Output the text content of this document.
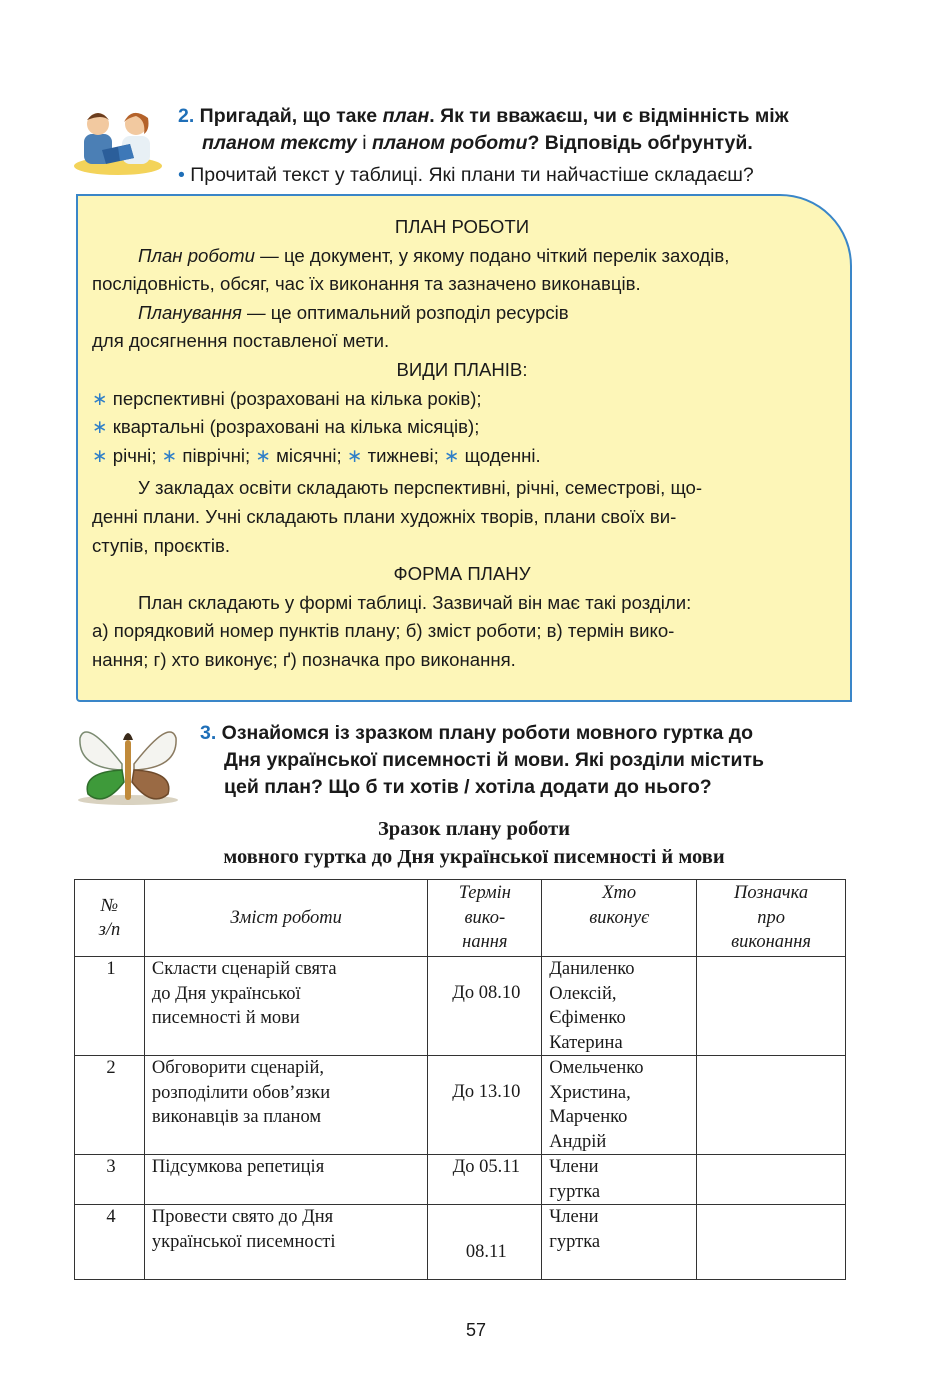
2. Пригадай, що таке план. Як ти вважаєш, чи є відмінність між
планом тексту і планом роботи? Відповідь обґрунтуй.
• Прочитай текст у таблиці. Які плани ти найчастіше складаєш?

ПЛАН РОБОТИ

План роботи — це документ, у якому подано чіткий перелік заходів, послідовність, обсяг, час їх виконання та зазначено виконавців.

Планування — це оптимальний розподіл ресурсів

для досягнення поставленої мети.

ВИДИ ПЛАНІВ:

∗ перспективні (розраховані на кілька років);

∗ квартальні (розраховані на кілька місяців);

∗ річні; ∗ піврічні; ∗ місячні; ∗ тижневі; ∗ щоденні.

У закладах освіти складають перспективні, річні, семестрові, що-

денні плани. Учні складають плани художніх творів, плани своїх ви-

ступів, проєктів.

ФОРМА ПЛАНУ

План складають у формі таблиці. Зазвичай він має такі розділи:

а) порядковий номер пунктів плану; б) зміст роботи; в) термін вико-

нання; г) хто виконує; ґ) позначка про виконання.

3. Ознайомся із зразком плану роботи мовного гуртка до
Дня української писемності й мови. Які розділи містить
цей план? Що б ти хотів / хотіла додати до нього?
Зразок плану роботи
мовного гуртка до Дня української писемності й мови
№
з/п	Зміст роботи	Термін
вико-
нання	Хто
виконує	Позначка
про
виконання
1	Скласти сценарій свята
до Дня української
писемності й мови	До 08.10	Даниленко
Олексій,
Єфіменко
Катерина	
2	Обговорити сценарій,
розподілити обов’язки
виконавців за планом	До 13.10	Омельченко
Христина,
Марченко
Андрій	
3	Підсумкова репетиція	До 05.11	Члени
гуртка	
4	Провести свято до Дня
української писемності	08.11	Члени
гуртка	
57
